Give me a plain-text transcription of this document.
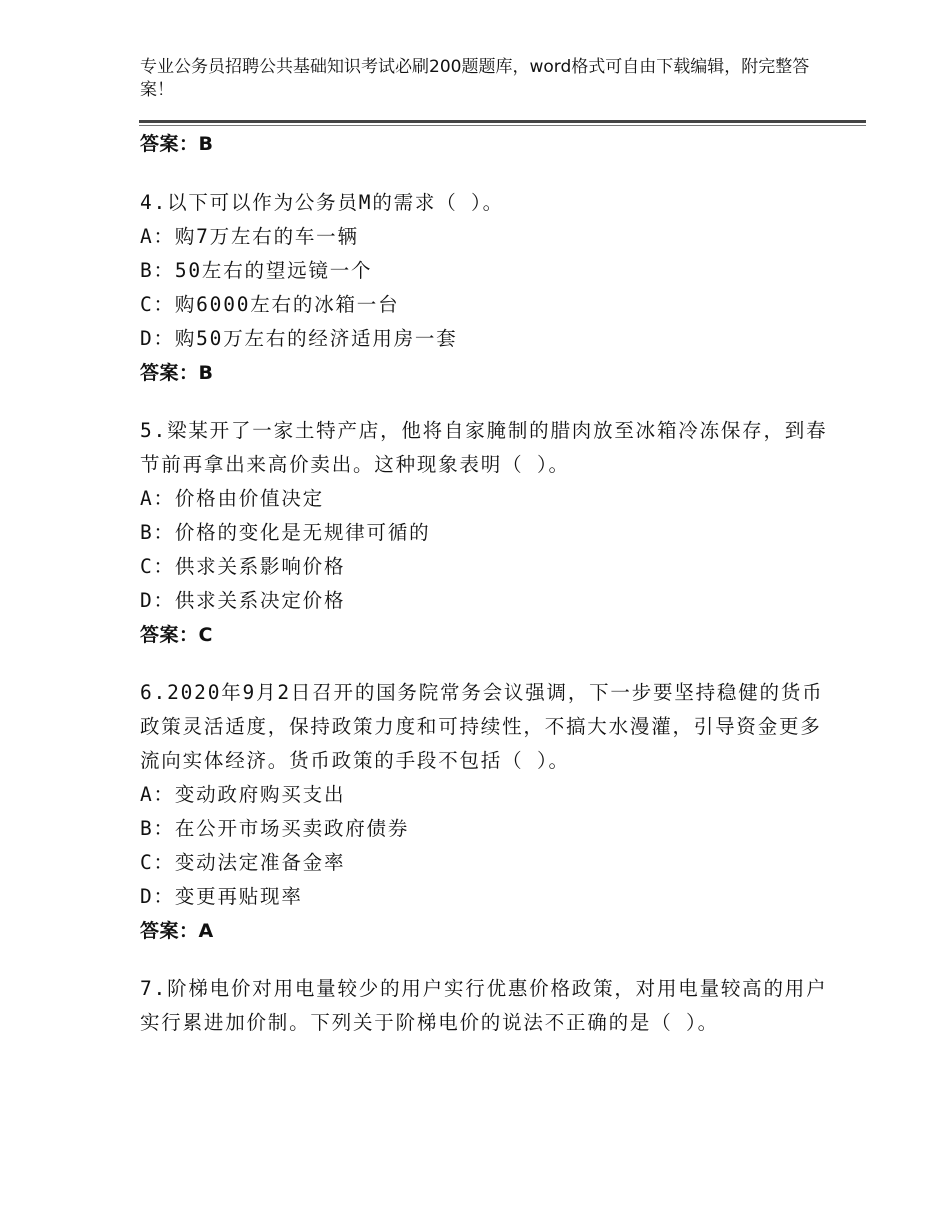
专业公务员招聘公共基础知识考试必刷200题题库，word格式可自由下载编辑，附完整答案！
答案：B
4.以下可以作为公务员M的需求（ ）。
A：购7万左右的车一辆
B：50左右的望远镜一个
C：购6000左右的冰箱一台
D：购50万左右的经济适用房一套
答案：B
5.梁某开了一家土特产店，他将自家腌制的腊肉放至冰箱冷冻保存，到春节前再拿出来高价卖出。这种现象表明（ ）。
A：价格由价值决定
B：价格的变化是无规律可循的
C：供求关系影响价格
D：供求关系决定价格
答案：C
6.2020年9月2日召开的国务院常务会议强调，下一步要坚持稳健的货币政策灵活适度，保持政策力度和可持续性，不搞大水漫灌，引导资金更多流向实体经济。货币政策的手段不包括（ ）。
A：变动政府购买支出
B：在公开市场买卖政府债券
C：变动法定准备金率
D：变更再贴现率
答案：A
7.阶梯电价对用电量较少的用户实行优惠价格政策，对用电量较高的用户实行累进加价制。下列关于阶梯电价的说法不正确的是（ ）。
